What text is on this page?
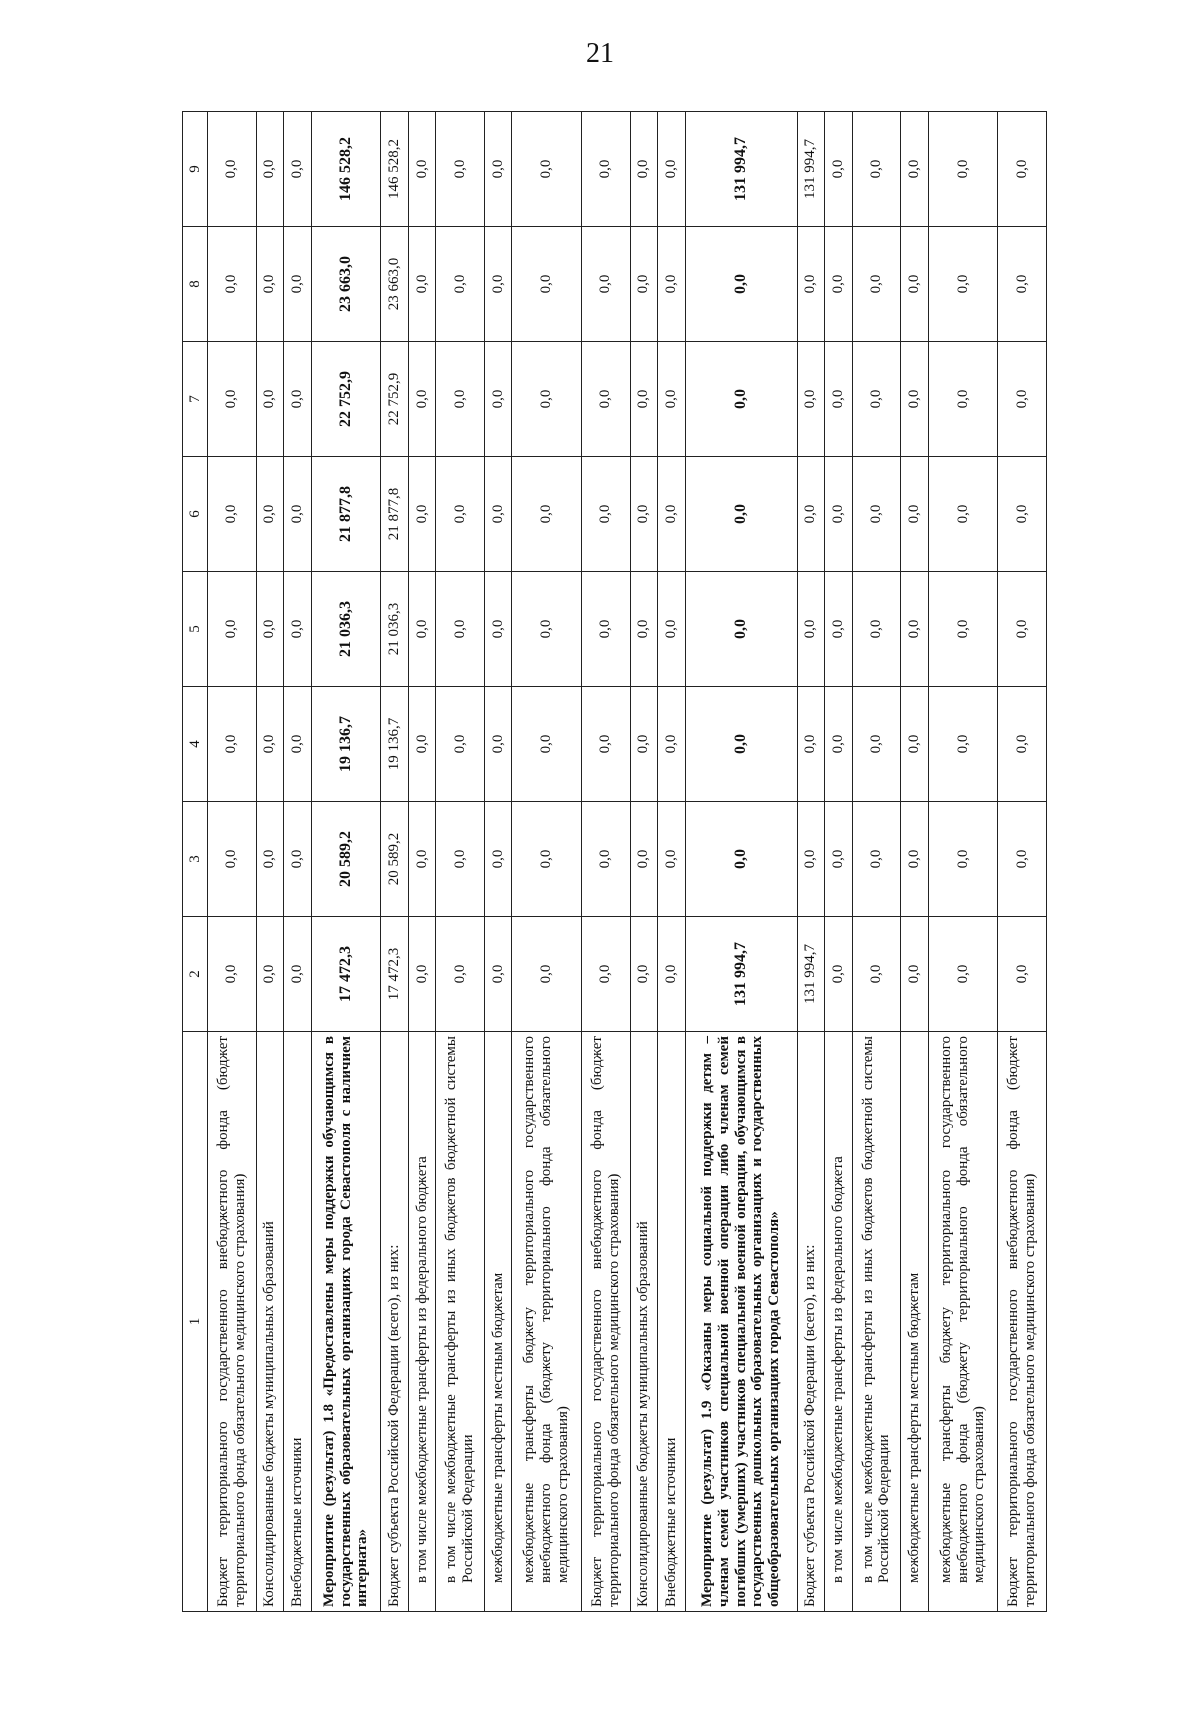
21
1	2	3	4	5	6	7	8	9
Бюджет территориального государственного внебюджетного фонда (бюджет территориального фонда обязательного медицинского страхования)	0,0	0,0	0,0	0,0	0,0	0,0	0,0	0,0
Консолидированные бюджеты муниципальных образований	0,0	0,0	0,0	0,0	0,0	0,0	0,0	0,0
Внебюджетные источники	0,0	0,0	0,0	0,0	0,0	0,0	0,0	0,0
Мероприятие (результат) 1.8 «Предоставлены меры поддержки обучающимся в государственных образовательных организациях города Севастополя с наличием интерната»	17 472,3	20 589,2	19 136,7	21 036,3	21 877,8	22 752,9	23 663,0	146 528,2
Бюджет субъекта Российской Федерации (всего), из них:	17 472,3	20 589,2	19 136,7	21 036,3	21 877,8	22 752,9	23 663,0	146 528,2
в том числе межбюджетные трансферты из федерального бюджета	0,0	0,0	0,0	0,0	0,0	0,0	0,0	0,0
в том числе межбюджетные трансферты из иных бюджетов бюджетной системы Российской Федерации	0,0	0,0	0,0	0,0	0,0	0,0	0,0	0,0
межбюджетные трансферты местным бюджетам	0,0	0,0	0,0	0,0	0,0	0,0	0,0	0,0
межбюджетные трансферты бюджету территориального государственного внебюджетного фонда (бюджету территориального фонда обязательного медицинского страхования)	0,0	0,0	0,0	0,0	0,0	0,0	0,0	0,0
Бюджет территориального государственного внебюджетного фонда (бюджет территориального фонда обязательного медицинского страхования)	0,0	0,0	0,0	0,0	0,0	0,0	0,0	0,0
Консолидированные бюджеты муниципальных образований	0,0	0,0	0,0	0,0	0,0	0,0	0,0	0,0
Внебюджетные источники	0,0	0,0	0,0	0,0	0,0	0,0	0,0	0,0
Мероприятие (результат) 1.9 «Оказаны меры социальной поддержки детям – членам семей участников специальной военной операции либо членам семей погибших (умерших) участников специальной военной операции, обучающимся в государственных дошкольных образовательных организациях и государственных общеобразовательных организациях города Севастополя»	131 994,7	0,0	0,0	0,0	0,0	0,0	0,0	131 994,7
Бюджет субъекта Российской Федерации (всего), из них:	131 994,7	0,0	0,0	0,0	0,0	0,0	0,0	131 994,7
в том числе межбюджетные трансферты из федерального бюджета	0,0	0,0	0,0	0,0	0,0	0,0	0,0	0,0
в том числе межбюджетные трансферты из иных бюджетов бюджетной системы Российской Федерации	0,0	0,0	0,0	0,0	0,0	0,0	0,0	0,0
межбюджетные трансферты местным бюджетам	0,0	0,0	0,0	0,0	0,0	0,0	0,0	0,0
межбюджетные трансферты бюджету территориального государственного внебюджетного фонда (бюджету территориального фонда обязательного медицинского страхования)	0,0	0,0	0,0	0,0	0,0	0,0	0,0	0,0
Бюджет территориального государственного внебюджетного фонда (бюджет территориального фонда обязательного медицинского страхования)	0,0	0,0	0,0	0,0	0,0	0,0	0,0	0,0
